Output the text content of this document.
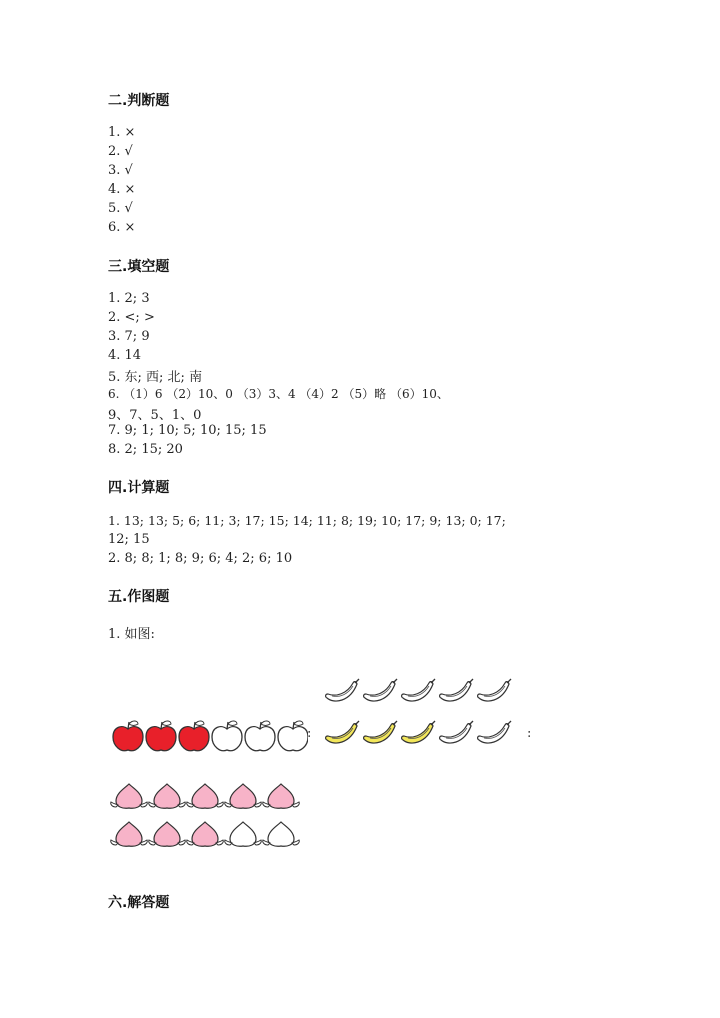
二.判断题
1. ×
2. √
3. √
4. ×
5. √
6. ×
三.填空题
1. 2; 3
2. <; >
3. 7; 9
4. 14
5. 东; 西; 北; 南
6. （1）6 （2）10、0 （3）3、4 （4）2 （5）略 （6）10、
9、7、5、1、0
7. 9; 1; 10; 5; 10; 15; 15
8. 2; 15; 20
四.计算题
1. 13; 13; 5; 6; 11; 3; 17; 15; 14; 11; 8; 19; 10; 17; 9; 13; 0; 17;
12; 15
2. 8; 8; 1; 8; 9; 6; 4; 2; 6; 10
五.作图题
1. 如图:
:	:
六.解答题
